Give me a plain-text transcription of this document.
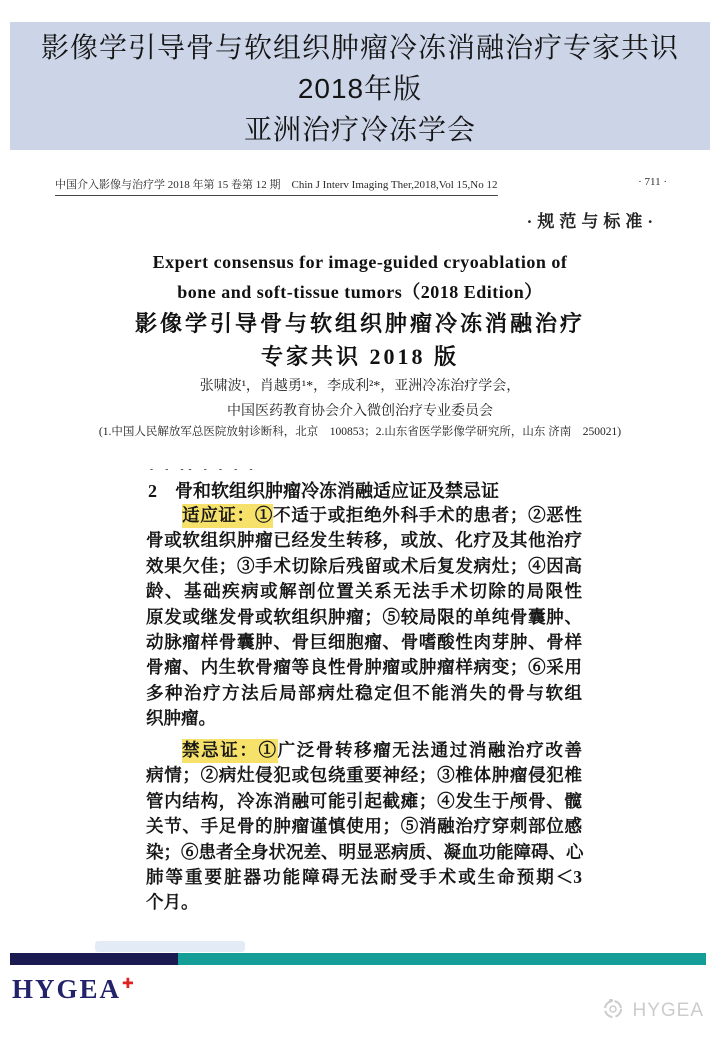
影像学引导骨与软组织肿瘤冷冻消融治疗专家共识
2018年版
亚洲治疗冷冻学会
中国介入影像与治疗学 2018 年第 15 卷第 12 期　Chin J Interv Imaging Ther,2018,Vol 15,No 12	· 711 ·
·规范与标准·
Expert consensus for image-guided cryoablation of
bone and soft-tissue tumors（2018 Edition）
影像学引导骨与软组织肿瘤冷冻消融治疗
专家共识 2018 版
张啸波¹，肖越勇¹*，李成利²*，亚洲冷冻治疗学会，
中国医药教育协会介入微创治疗专业委员会
(1.中国人民解放军总医院放射诊断科，北京　100853；2.山东省医学影像学研究所，山东 济南　250021)
- - -- - - - -
2　骨和软组织肿瘤冷冻消融适应证及禁忌证
适应证：①不适于或拒绝外科手术的患者；②恶性
骨或软组织肿瘤已经发生转移，或放、化疗及其他治疗
效果欠佳；③手术切除后残留或术后复发病灶；④因高
龄、基础疾病或解剖位置关系无法手术切除的局限性
原发或继发骨或软组织肿瘤；⑤较局限的单纯骨囊肿、
动脉瘤样骨囊肿、骨巨细胞瘤、骨嗜酸性肉芽肿、骨样
骨瘤、内生软骨瘤等良性骨肿瘤或肿瘤样病变；⑥采用
多种治疗方法后局部病灶稳定但不能消失的骨与软组
织肿瘤。
禁忌证：①广泛骨转移瘤无法通过消融治疗改善
病情；②病灶侵犯或包绕重要神经；③椎体肿瘤侵犯椎
管内结构，冷冻消融可能引起截瘫；④发生于颅骨、髋
关节、手足骨的肿瘤谨慎使用；⑤消融治疗穿刺部位感
染；⑥患者全身状况差、明显恶病质、凝血功能障碍、心
肺等重要脏器功能障碍无法耐受手术或生命预期＜3
个月。
HYGEA✚
HYGEA
